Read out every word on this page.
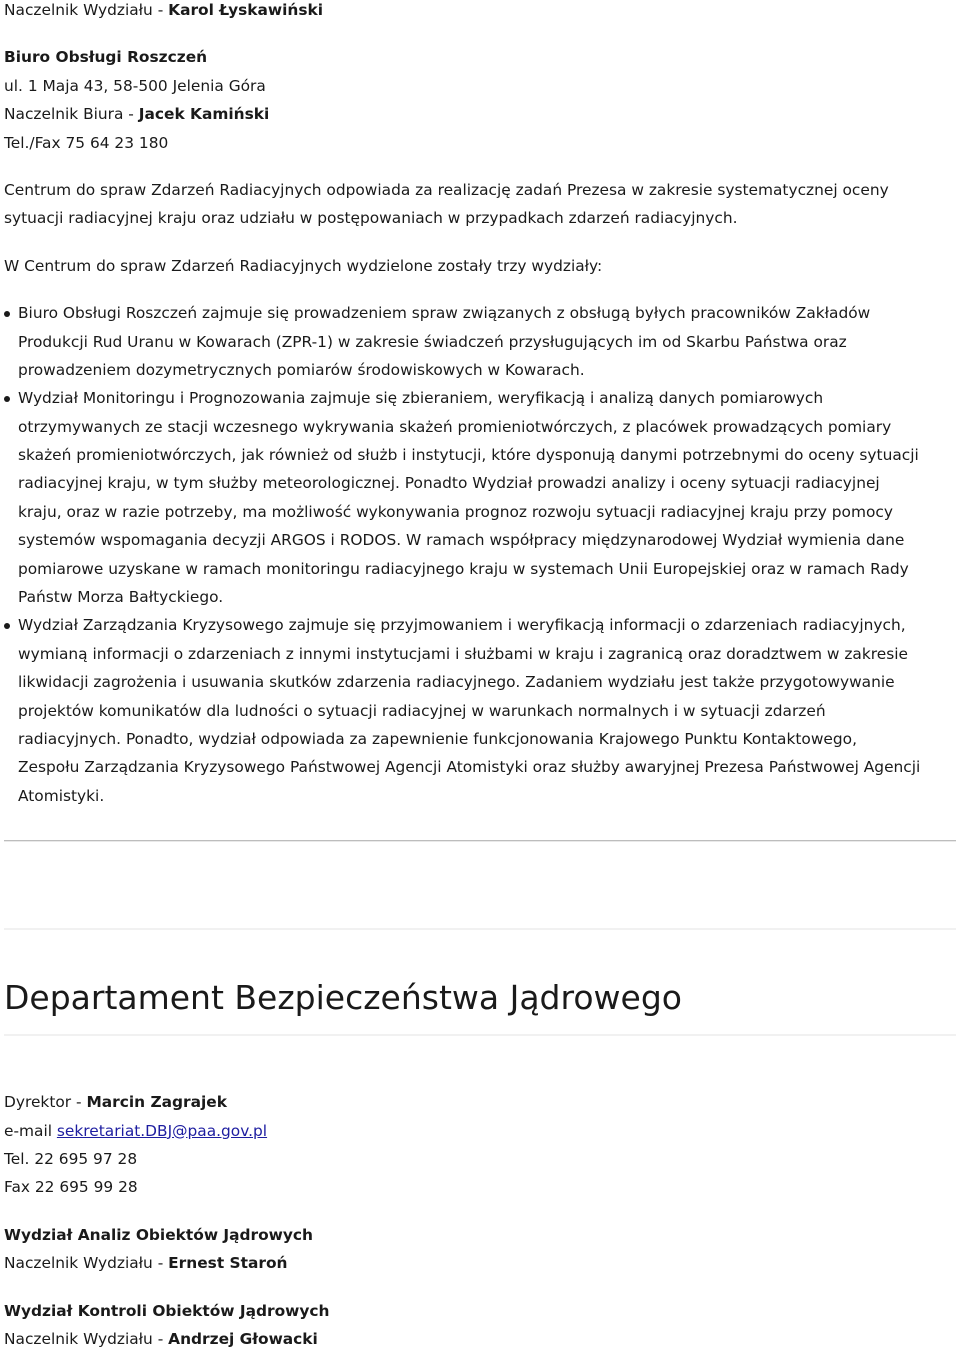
Naczelnik Wydziału - Karol Łyskawiński
Biuro Obsługi Roszczeń
ul. 1 Maja 43, 58-500 Jelenia Góra
Naczelnik Biura - Jacek Kamiński
Tel./Fax 75 64 23 180
Centrum do spraw Zdarzeń Radiacyjnych odpowiada za realizację zadań Prezesa w zakresie systematycznej oceny
sytuacji radiacyjnej kraju oraz udziału w postępowaniach w przypadkach zdarzeń radiacyjnych.
W Centrum do spraw Zdarzeń Radiacyjnych wydzielone zostały trzy wydziały:
Biuro Obsługi Roszczeń zajmuje się prowadzeniem spraw związanych z obsługą byłych pracowników Zakładów
Produkcji Rud Uranu w Kowarach (ZPR-1) w zakresie świadczeń przysługujących im od Skarbu Państwa oraz
prowadzeniem dozymetrycznych pomiarów środowiskowych w Kowarach.
Wydział Monitoringu i Prognozowania zajmuje się zbieraniem, weryfikacją i analizą danych pomiarowych
otrzymywanych ze stacji wczesnego wykrywania skażeń promieniotwórczych, z placówek prowadzących pomiary
skażeń promieniotwórczych, jak również od służb i instytucji, które dysponują danymi potrzebnymi do oceny sytuacji
radiacyjnej kraju, w tym służby meteorologicznej. Ponadto Wydział prowadzi analizy i oceny sytuacji radiacyjnej
kraju, oraz w razie potrzeby, ma możliwość wykonywania prognoz rozwoju sytuacji radiacyjnej kraju przy pomocy
systemów wspomagania decyzji ARGOS i RODOS. W ramach współpracy międzynarodowej Wydział wymienia dane
pomiarowe uzyskane w ramach monitoringu radiacyjnego kraju w systemach Unii Europejskiej oraz w ramach Rady
Państw Morza Bałtyckiego.
Wydział Zarządzania Kryzysowego zajmuje się przyjmowaniem i weryfikacją informacji o zdarzeniach radiacyjnych,
wymianą informacji o zdarzeniach z innymi instytucjami i służbami w kraju i zagranicą oraz doradztwem w zakresie
likwidacji zagrożenia i usuwania skutków zdarzenia radiacyjnego. Zadaniem wydziału jest także przygotowywanie
projektów komunikatów dla ludności o sytuacji radiacyjnej w warunkach normalnych i w sytuacji zdarzeń
radiacyjnych. Ponadto, wydział odpowiada za zapewnienie funkcjonowania Krajowego Punktu Kontaktowego,
Zespołu Zarządzania Kryzysowego Państwowej Agencji Atomistyki oraz służby awaryjnej Prezesa Państwowej Agencji
Atomistyki.
Departament Bezpieczeństwa Jądrowego
Dyrektor - Marcin Zagrajek
e-mail sekretariat.DBJ@paa.gov.pl
Tel. 22 695 97 28
Fax 22 695 99 28
Wydział Analiz Obiektów Jądrowych
Naczelnik Wydziału - Ernest Staroń
Wydział Kontroli Obiektów Jądrowych
Naczelnik Wydziału - Andrzej Głowacki
